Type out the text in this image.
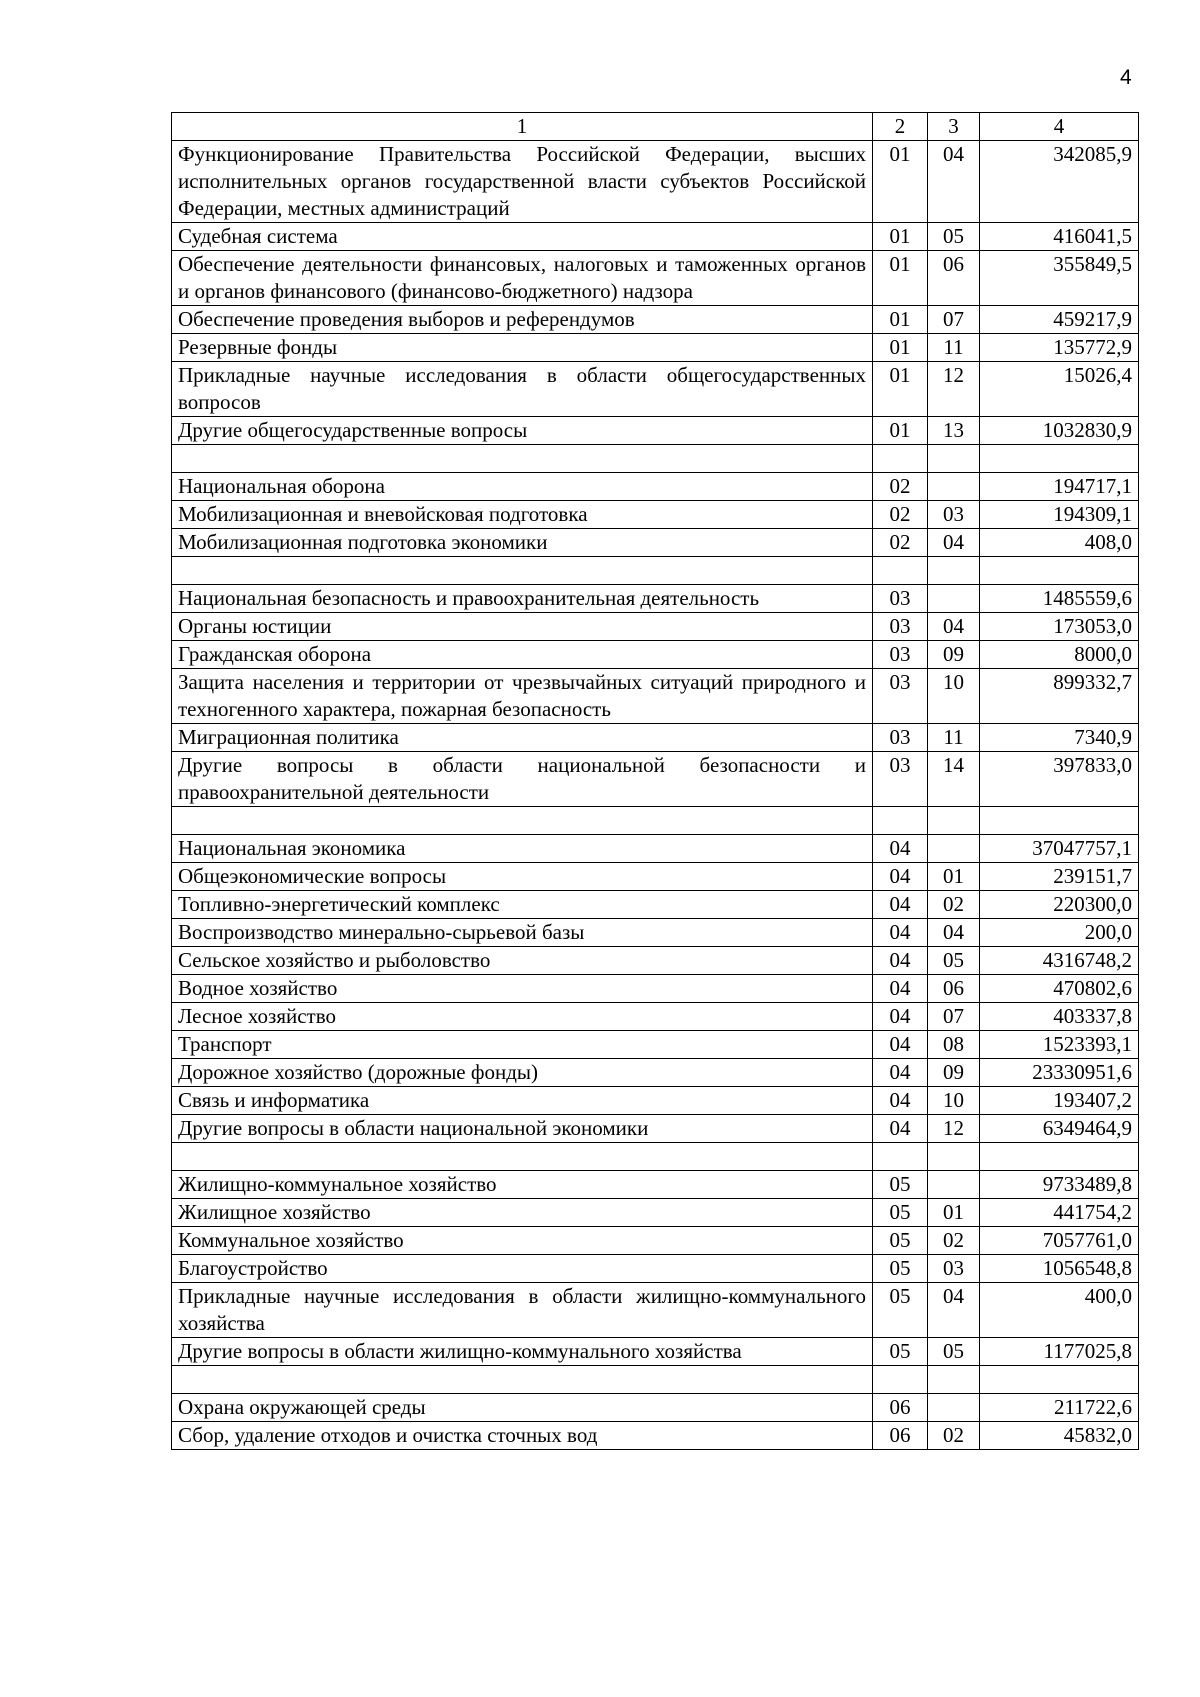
4
1	2	3	4
Функционирование Правительства Российской Федерации, высших исполнительных органов государственной власти субъектов Российской Федерации, местных администраций	01	04	342085,9
Судебная система	01	05	416041,5
Обеспечение деятельности финансовых, налоговых и таможенных органов и органов финансового (финансово-бюджетного) надзора	01	06	355849,5
Обеспечение проведения выборов и референдумов	01	07	459217,9
Резервные фонды	01	11	135772,9
Прикладные научные исследования в области общегосударственных вопросов	01	12	15026,4
Другие общегосударственные вопросы	01	13	1032830,9

Национальная оборона	02		194717,1
Мобилизационная и вневойсковая подготовка	02	03	194309,1
Мобилизационная подготовка экономики	02	04	408,0

Национальная безопасность и правоохранительная деятельность	03		1485559,6
Органы юстиции	03	04	173053,0
Гражданская оборона	03	09	8000,0
Защита населения и территории от чрезвычайных ситуаций природного и техногенного характера, пожарная безопасность	03	10	899332,7
Миграционная политика	03	11	7340,9
Другие вопросы в области национальной безопасности и правоохранительной деятельности	03	14	397833,0

Национальная экономика	04		37047757,1
Общеэкономические вопросы	04	01	239151,7
Топливно-энергетический комплекс	04	02	220300,0
Воспроизводство минерально-сырьевой базы	04	04	200,0
Сельское хозяйство и рыболовство	04	05	4316748,2
Водное хозяйство	04	06	470802,6
Лесное хозяйство	04	07	403337,8
Транспорт	04	08	1523393,1
Дорожное хозяйство (дорожные фонды)	04	09	23330951,6
Связь и информатика	04	10	193407,2
Другие вопросы в области национальной экономики	04	12	6349464,9

Жилищно-коммунальное хозяйство	05		9733489,8
Жилищное хозяйство	05	01	441754,2
Коммунальное хозяйство	05	02	7057761,0
Благоустройство	05	03	1056548,8
Прикладные научные исследования в области жилищно-коммунального хозяйства	05	04	400,0
Другие вопросы в области жилищно-коммунального хозяйства	05	05	1177025,8

Охрана окружающей среды	06		211722,6
Сбор, удаление отходов и очистка сточных вод	06	02	45832,0
